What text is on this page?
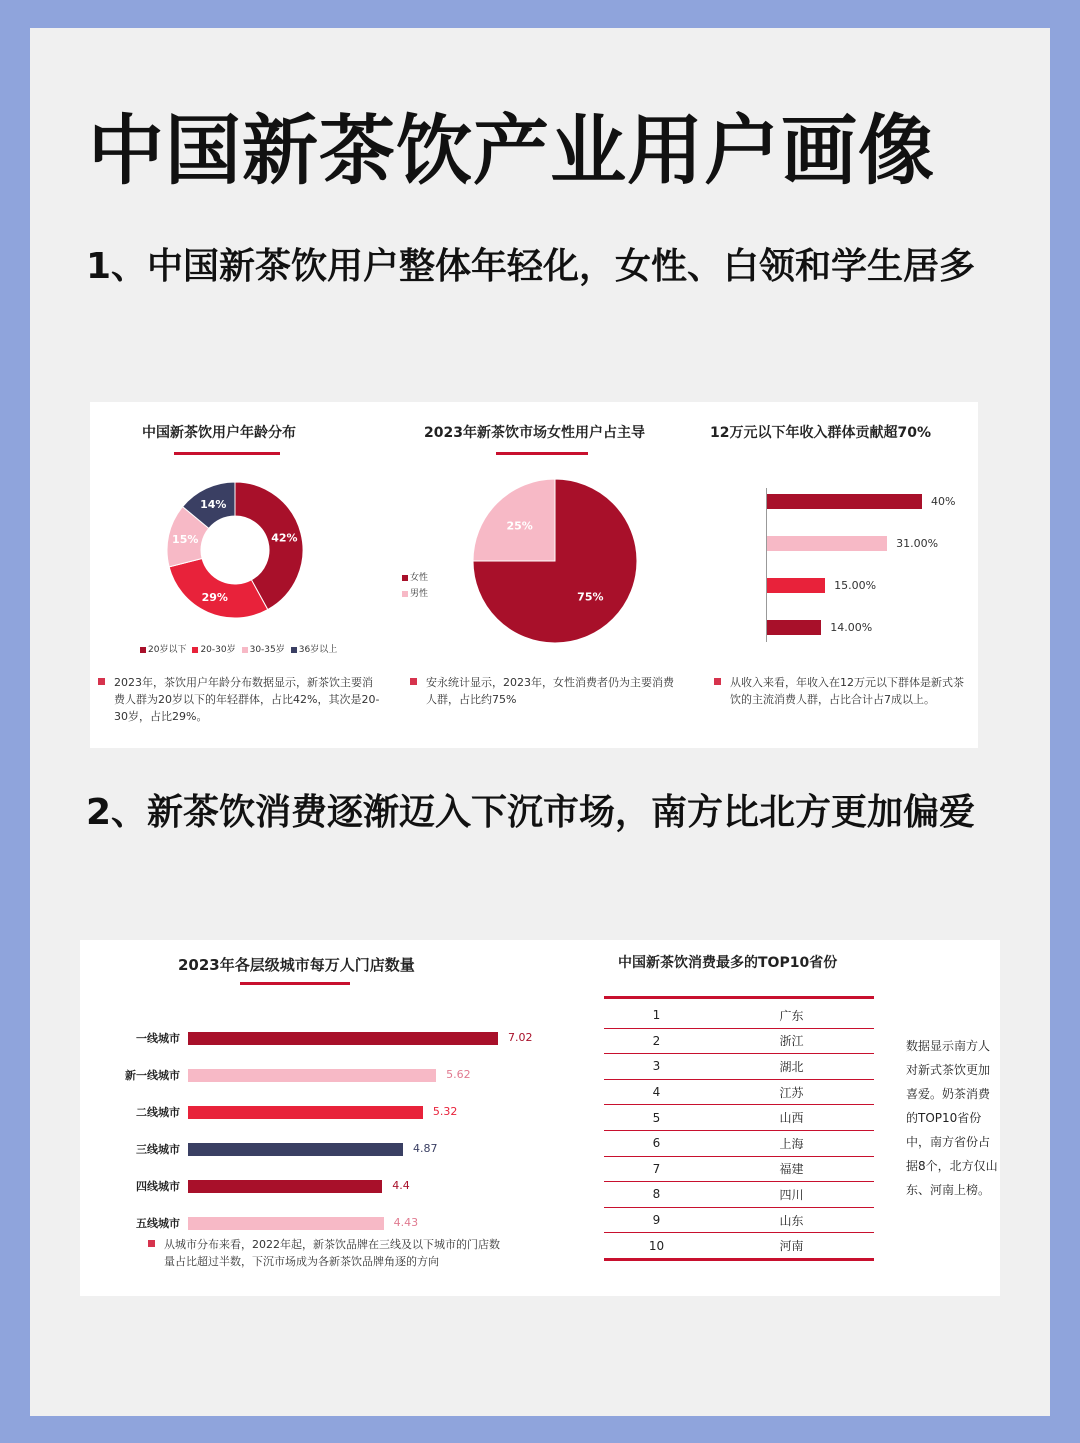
中国新茶饮产业用户画像
1、中国新茶饮用户整体年轻化，女性、白领和学生居多
中国新茶饮用户年龄分布
42%
29%
15%
14%
20岁以下 20-30岁 30-35岁 36岁以上
2023年，茶饮用户年龄分布数据显示，新茶饮主要消费人群为20岁以下的年轻群体，占比42%，其次是20-30岁，占比29%。
2023年新茶饮市场女性用户占主导
女性
男性	75%
25%
安永统计显示，2023年，女性消费者仍为主要消费人群，占比约75%
12万元以下年收入群体贡献超70%
40%
31.00%
15.00%
14.00%
从收入来看，年收入在12万元以下群体是新式茶饮的主流消费人群，占比合计占7成以上。
2、新茶饮消费逐渐迈入下沉市场，南方比北方更加偏爱
2023年各层级城市每万人门店数量
一线城市	7.02
新一线城市	5.62
二线城市	5.32
三线城市	4.87
四线城市	4.4
五线城市	4.43
从城市分布来看，2022年起，新茶饮品牌在三线及以下城市的门店数量占比超过半数，下沉市场成为各新茶饮品牌角逐的方向
中国新茶饮消费最多的TOP10省份

1	广东
2	浙江
3	湖北
4	江苏
5	山西
6	上海
7	福建
8	四川
9	山东
10	河南
数据显示南方人对新式茶饮更加喜爱。奶茶消费的TOP10省份中，南方省份占据8个，北方仅山东、河南上榜。
